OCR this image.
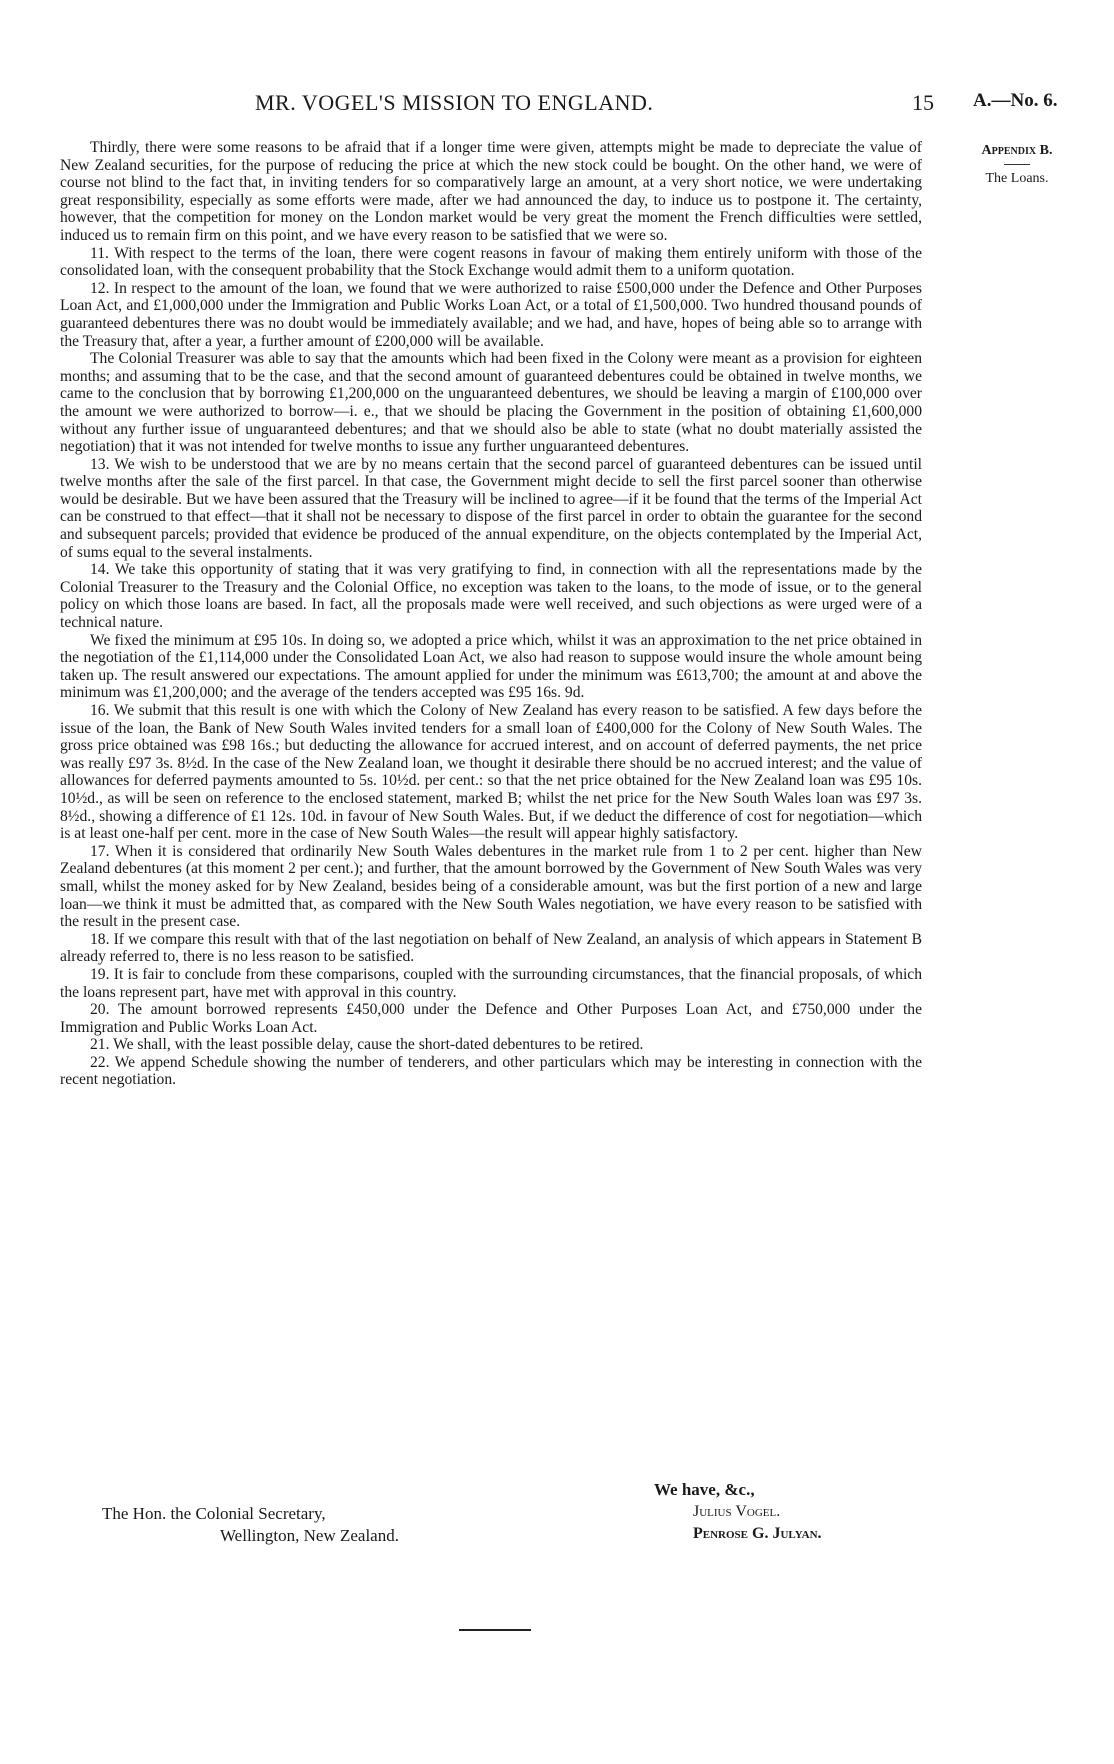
MR. VOGEL'S MISSION TO ENGLAND.	15 A.—No. 6.
Appendix B.
The Loans.

Thirdly, there were some reasons to be afraid that if a longer time were given, attempts might be made to depreciate the value of New Zealand securities, for the purpose of reducing the price at which the new stock could be bought. On the other hand, we were of course not blind to the fact that, in inviting tenders for so comparatively large an amount, at a very short notice, we were undertaking great responsibility, especially as some efforts were made, after we had announced the day, to induce us to postpone it. The certainty, however, that the competition for money on the London market would be very great the moment the French difficulties were settled, induced us to remain firm on this point, and we have every reason to be satisfied that we were so.

11. With respect to the terms of the loan, there were cogent reasons in favour of making them entirely uniform with those of the consolidated loan, with the consequent probability that the Stock Exchange would admit them to a uniform quotation.

12. In respect to the amount of the loan, we found that we were authorized to raise £500,000 under the Defence and Other Purposes Loan Act, and £1,000,000 under the Immigration and Public Works Loan Act, or a total of £1,500,000. Two hundred thousand pounds of guaranteed debentures there was no doubt would be immediately available; and we had, and have, hopes of being able so to arrange with the Treasury that, after a year, a further amount of £200,000 will be available.

The Colonial Treasurer was able to say that the amounts which had been fixed in the Colony were meant as a provision for eighteen months; and assuming that to be the case, and that the second amount of guaranteed debentures could be obtained in twelve months, we came to the conclusion that by borrowing £1,200,000 on the unguaranteed debentures, we should be leaving a margin of £100,000 over the amount we were authorized to borrow—i. e., that we should be placing the Government in the position of obtaining £1,600,000 without any further issue of unguaranteed debentures; and that we should also be able to state (what no doubt materially assisted the negotiation) that it was not intended for twelve months to issue any further unguaranteed debentures.

13. We wish to be understood that we are by no means certain that the second parcel of guaranteed debentures can be issued until twelve months after the sale of the first parcel. In that case, the Government might decide to sell the first parcel sooner than otherwise would be desirable. But we have been assured that the Treasury will be inclined to agree—if it be found that the terms of the Imperial Act can be construed to that effect—that it shall not be necessary to dispose of the first parcel in order to obtain the guarantee for the second and subsequent parcels; provided that evidence be produced of the annual expenditure, on the objects contemplated by the Imperial Act, of sums equal to the several instalments.

14. We take this opportunity of stating that it was very gratifying to find, in connection with all the representations made by the Colonial Treasurer to the Treasury and the Colonial Office, no exception was taken to the loans, to the mode of issue, or to the general policy on which those loans are based. In fact, all the proposals made were well received, and such objections as were urged were of a technical nature.

We fixed the minimum at £95 10s. In doing so, we adopted a price which, whilst it was an approximation to the net price obtained in the negotiation of the £1,114,000 under the Consolidated Loan Act, we also had reason to suppose would insure the whole amount being taken up. The result answered our expectations. The amount applied for under the minimum was £613,700; the amount at and above the minimum was £1,200,000; and the average of the tenders accepted was £95 16s. 9d.

16. We submit that this result is one with which the Colony of New Zealand has every reason to be satisfied. A few days before the issue of the loan, the Bank of New South Wales invited tenders for a small loan of £400,000 for the Colony of New South Wales. The gross price obtained was £98 16s.; but deducting the allowance for accrued interest, and on account of deferred payments, the net price was really £97 3s. 8½d. In the case of the New Zealand loan, we thought it desirable there should be no accrued interest; and the value of allowances for deferred payments amounted to 5s. 10½d. per cent.: so that the net price obtained for the New Zealand loan was £95 10s. 10½d., as will be seen on reference to the enclosed statement, marked B; whilst the net price for the New South Wales loan was £97 3s. 8½d., showing a difference of £1 12s. 10d. in favour of New South Wales. But, if we deduct the difference of cost for negotiation—which is at least one-half per cent. more in the case of New South Wales—the result will appear highly satisfactory.

17. When it is considered that ordinarily New South Wales debentures in the market rule from 1 to 2 per cent. higher than New Zealand debentures (at this moment 2 per cent.); and further, that the amount borrowed by the Government of New South Wales was very small, whilst the money asked for by New Zealand, besides being of a considerable amount, was but the first portion of a new and large loan—we think it must be admitted that, as compared with the New South Wales negotiation, we have every reason to be satisfied with the result in the present case.

18. If we compare this result with that of the last negotiation on behalf of New Zealand, an analysis of which appears in Statement B already referred to, there is no less reason to be satisfied.

19. It is fair to conclude from these comparisons, coupled with the surrounding circumstances, that the financial proposals, of which the loans represent part, have met with approval in this country.

20. The amount borrowed represents £450,000 under the Defence and Other Purposes Loan Act, and £750,000 under the Immigration and Public Works Loan Act.

21. We shall, with the least possible delay, cause the short-dated debentures to be retired.

22. We append Schedule showing the number of tenderers, and other particulars which may be interesting in connection with the recent negotiation.

We have, &c.,
Julius Vogel.
Penrose G. Julyan.
The Hon. the Colonial Secretary,
Wellington, New Zealand.
